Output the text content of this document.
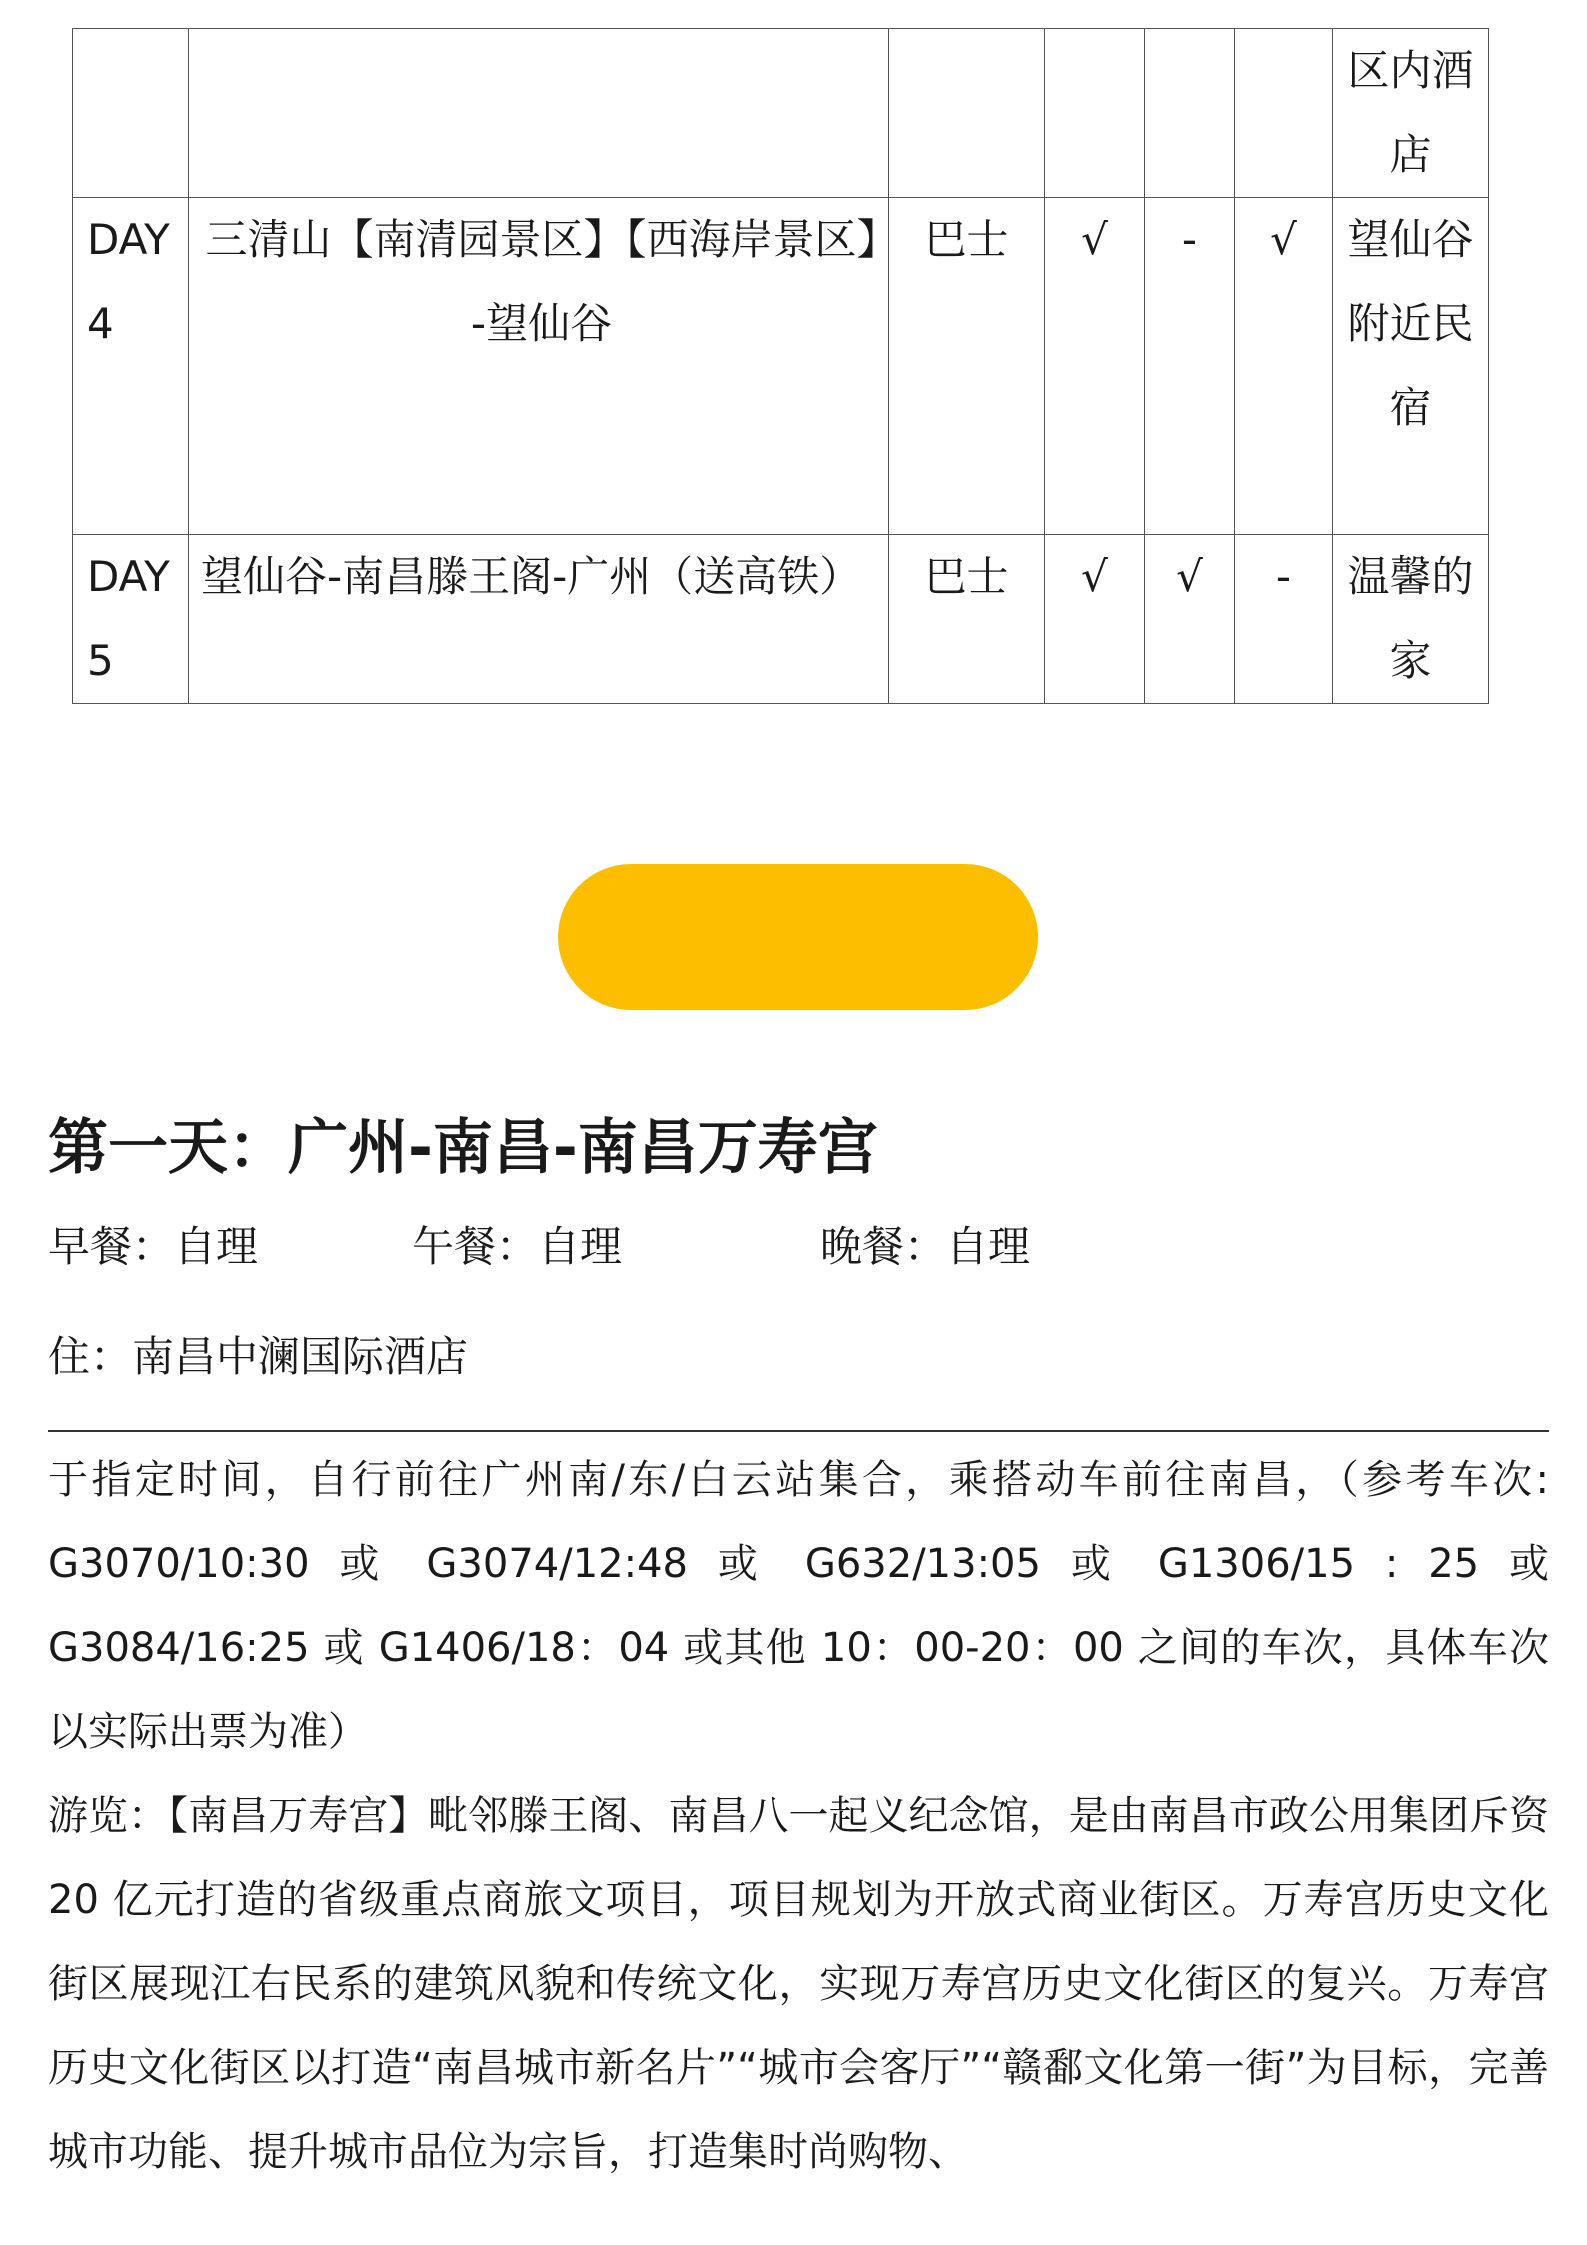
						区内酒店
DAY4	三清山【南清园景区】【西海岸景区】-望仙谷	巴士	√	-	√	望仙谷附近民宿
DAY5	望仙谷-南昌滕王阁-广州（送高铁）	巴士	√	√	-	温馨的家
第一天：广州-南昌-南昌万寿宫
早餐：自理	午餐：自理	晚餐：自理
住：南昌中澜国际酒店

于指定时间，自行前往广州南/东/白云站集合，乘搭动车前往南昌，（参考车次: G3070/10:30 或 G3074/12:48 或 G632/13:05 或 G1306/15 : 25 或 G3084/16:25 或 G1406/18：04 或其他 10：00-20：00 之间的车次，具体车次以实际出票为准）

游览：【南昌万寿宫】毗邻滕王阁、南昌八一起义纪念馆，是由南昌市政公用集团斥资 20 亿元打造的省级重点商旅文项目，项目规划为开放式商业街区。万寿宫历史文化街区展现江右民系的建筑风貌和传统文化，实现万寿宫历史文化街区的复兴。万寿宫历史文化街区以打造“南昌城市新名片”“城市会客厅”“赣鄱文化第一街”为目标，完善城市功能、提升城市品位为宗旨，打造集时尚购物、
